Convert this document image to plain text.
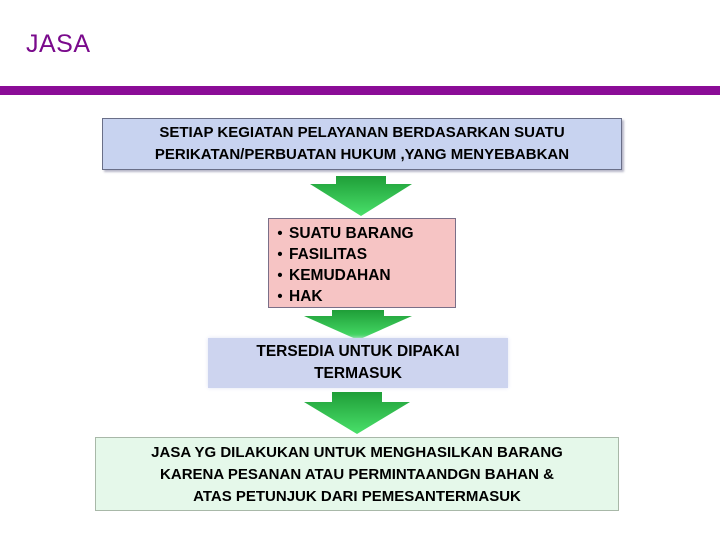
JASA
SETIAP KEGIATAN PELAYANAN BERDASARKAN SUATU
PERIKATAN/PERBUATAN HUKUM ,YANG MENYEBABKAN
• SUATU BARANG
• FASILITAS
• KEMUDAHAN
• HAK
TERSEDIA UNTUK DIPAKAI
TERMASUK
JASA YG DILAKUKAN UNTUK MENGHASILKAN BARANG
KARENA PESANAN ATAU PERMINTAANDGN BAHAN &
ATAS PETUNJUK DARI PEMESANTERMASUK
